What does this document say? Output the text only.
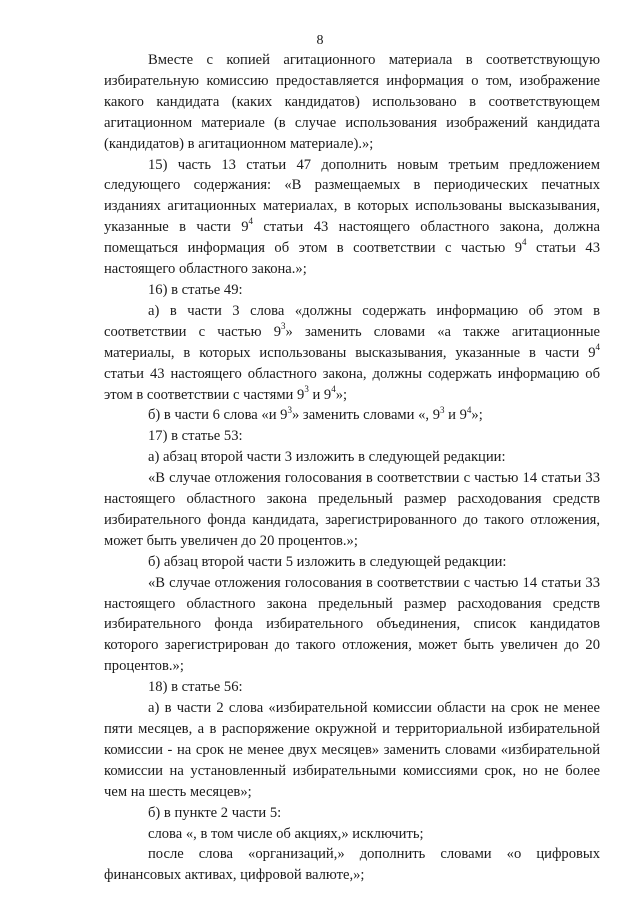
8

Вместе с копией агитационного материала в соответствующую избирательную комиссию предоставляется информация о том, изображение какого кандидата (каких кандидатов) использовано в соответствующем агитационном материале (в случае использования изображений кандидата (кандидатов) в агитационном материале).»;

15) часть 13 статьи 47 дополнить новым третьим предложением следующего содержания: «В размещаемых в периодических печатных изданиях агитационных материалах, в которых использованы высказывания, указанные в части $9^4$ статьи 43 настоящего областного закона, должна помещаться информация об этом в соответствии с частью $9^4$ статьи 43 настоящего областного закона.»;

16) в статье 49:

а) в части 3 слова «должны содержать информацию об этом в соответствии с частью $9^3$» заменить словами «а также агитационные материалы, в которых использованы высказывания, указанные в части $9^4$ статьи 43 настоящего областного закона, должны содержать информацию об этом в соответствии с частями $9^3$ и $9^4$»;

б) в части 6 слова «и $9^3$» заменить словами «, $9^3$ и $9^4$»;

17) в статье 53:

а) абзац второй части 3 изложить в следующей редакции:

«В случае отложения голосования в соответствии с частью 14 статьи 33 настоящего областного закона предельный размер расходования средств избирательного фонда кандидата, зарегистрированного до такого отложения, может быть увеличен до 20 процентов.»;

б) абзац второй части 5 изложить в следующей редакции:

«В случае отложения голосования в соответствии с частью 14 статьи 33 настоящего областного закона предельный размер расходования средств избирательного фонда избирательного объединения, список кандидатов которого зарегистрирован до такого отложения, может быть увеличен до 20 процентов.»;

18) в статье 56:

а) в части 2 слова «избирательной комиссии области на срок не менее пяти месяцев, а в распоряжение окружной и территориальной избирательной комиссии - на срок не менее двух месяцев» заменить словами «избирательной комиссии на установленный избирательными комиссиями срок, но не более чем на шесть месяцев»;

б) в пункте 2 части 5:

слова «, в том числе об акциях,» исключить;

после слова «организаций,» дополнить словами «о цифровых финансовых активах, цифровой валюте,»;
